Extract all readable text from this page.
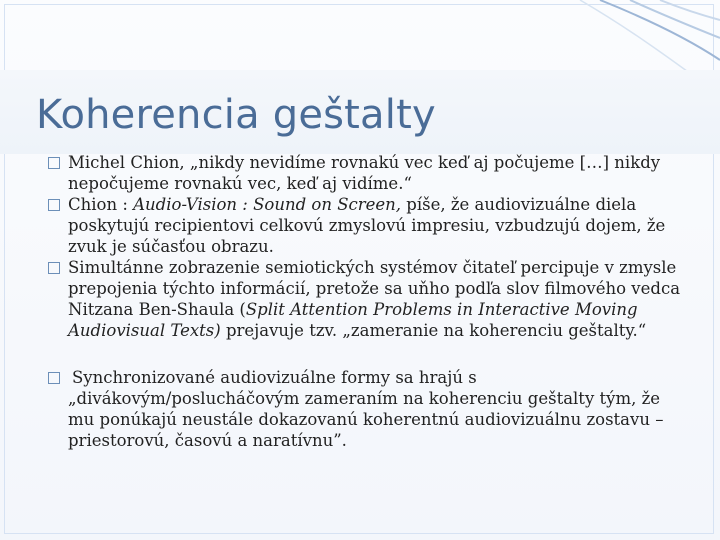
Koherencia geštalty
Michel Chion, „nikdy nevidíme rovnakú vec keď aj počujeme […] nikdy nepočujeme rovnakú vec, keď aj vidíme.“
Chion : Audio-Vision : Sound on Screen, píše, že audiovizuálne diela poskytujú recipientovi celkovú zmyslovú impresiu, vzbudzujú dojem, že zvuk je súčasťou obrazu.
Simultánne zobrazenie semiotických systémov čitateľ percipuje v zmysle prepojenia týchto informácií, pretože sa uňho podľa slov filmového vedca Nitzana Ben-Shaula (Split Attention Problems in Interactive Moving Audiovisual Texts) prejavuje tzv. „zameranie na koherenciu geštalty.“
Synchronizované audiovizuálne formy sa hrajú s „divákovým/poslucháčovým zameraním na koherenciu geštalty tým, že mu ponúkajú neustále dokazovanú koherentnú audiovizuálnu zostavu – priestorovú, časovú a naratívnu”.
